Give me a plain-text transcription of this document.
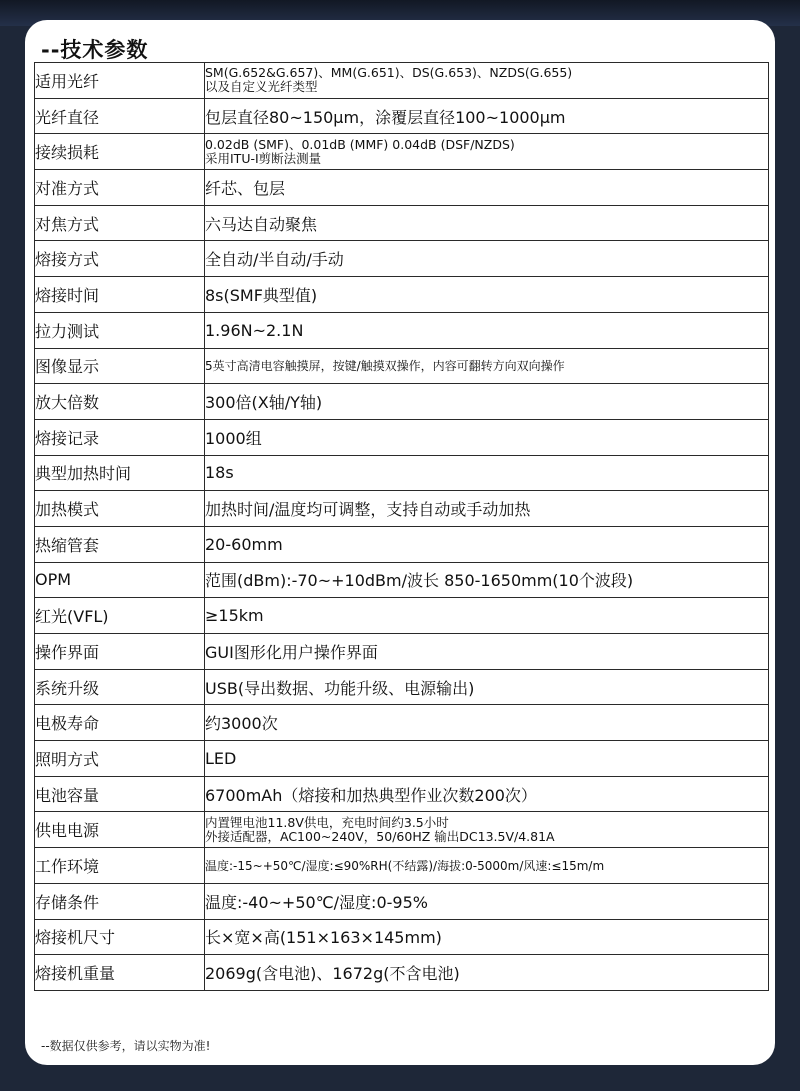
--技术参数
适用光纤	SM(G.652&G.657)、MM(G.651)、DS(G.653)、NZDS(G.655)
以及自定义光纤类型
光纤直径	包层直径80~150μm，涂覆层直径100~1000μm
接续损耗	0.02dB (SMF)、0.01dB (MMF) 0.04dB (DSF/NZDS)
采用ITU-I剪断法测量
对准方式	纤芯、包层
对焦方式	六马达自动聚焦
熔接方式	全自动/半自动/手动
熔接时间	8s(SMF典型值)
拉力测试	1.96N~2.1N
图像显示	5英寸高清电容触摸屏，按键/触摸双操作，内容可翻转方向双向操作
放大倍数	300倍(X轴/Y轴)
熔接记录	1000组
典型加热时间	18s
加热模式	加热时间/温度均可调整，支持自动或手动加热
热缩管套	20-60mm
OPM	范围(dBm):-70~+10dBm/波长 850-1650mm(10个波段)
红光(VFL)	≥15km
操作界面	GUI图形化用户操作界面
系统升级	USB(导出数据、功能升级、电源输出)
电极寿命	约3000次
照明方式	LED
电池容量	6700mAh（熔接和加热典型作业次数200次）
供电电源	内置锂电池11.8V供电，充电时间约3.5小时
外接适配器，AC100~240V，50/60HZ 输出DC13.5V/4.81A
工作环境	温度:-15~+50℃/湿度:≤90%RH(不结露)/海拔:0-5000m/风速:≤15m/m
存储条件	温度:-40~+50℃/湿度:0-95%
熔接机尺寸	长×宽×高(151×163×145mm)
熔接机重量	2069g(含电池)、1672g(不含电池)
--数据仅供参考，请以实物为准!
